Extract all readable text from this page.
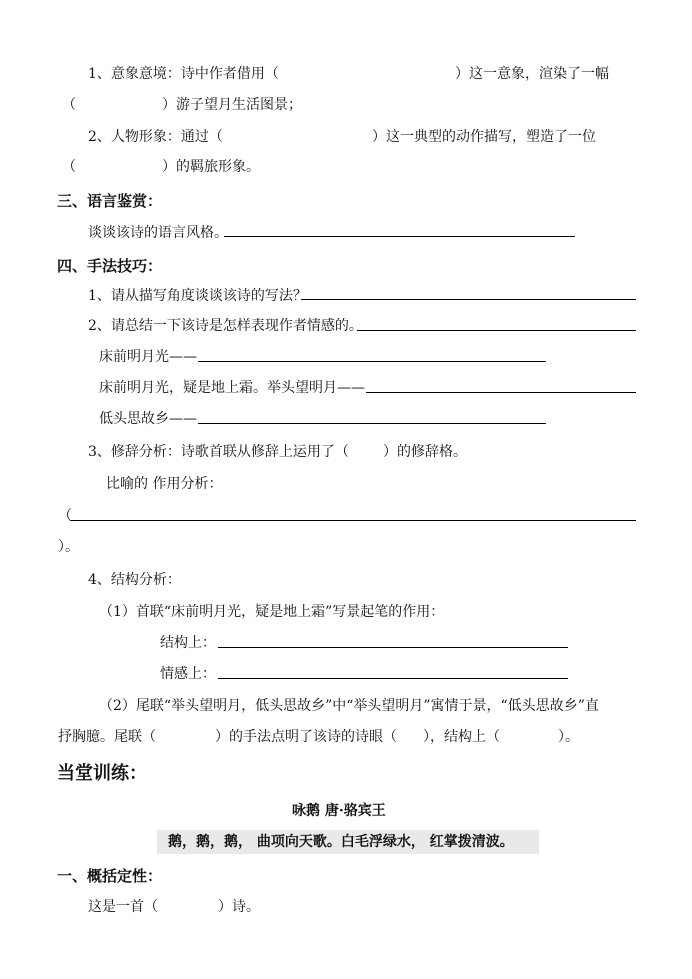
1、意象意境：诗中作者借用（	）这一意象，渲染了一幅
（	）游子望月生活图景；
2、人物形象：通过（	）这一典型的动作描写，塑造了一位
（	）的羁旅形象。
三、语言鉴赏：
谈谈该诗的语言风格。
四、手法技巧：
1、请从描写角度谈谈该诗的写法？
2、请总结一下该诗是怎样表现作者情感的。
床前明月光——
床前明月光，疑是地上霜。举头望明月——
低头思故乡——
3、修辞分析：诗歌首联从修辞上运用了（ ）的修辞格。
比喻的 作用分析：
（
）。
4、结构分析：
（1）首联“床前明月光，疑是地上霜”写景起笔的作用：
结构上：
情感上：
（2）尾联“举头望明月，低头思故乡”中“举头望明月”寓情于景，“低头思故乡”直
抒胸臆。尾联（	）的手法点明了该诗的诗眼（ ），结构上（	）。
当堂训练：
咏鹅 唐·骆宾王
鹅，鹅，鹅， 曲项向天歌。白毛浮绿水， 红掌拨清波。
一、概括定性：
这是一首（	）诗。
